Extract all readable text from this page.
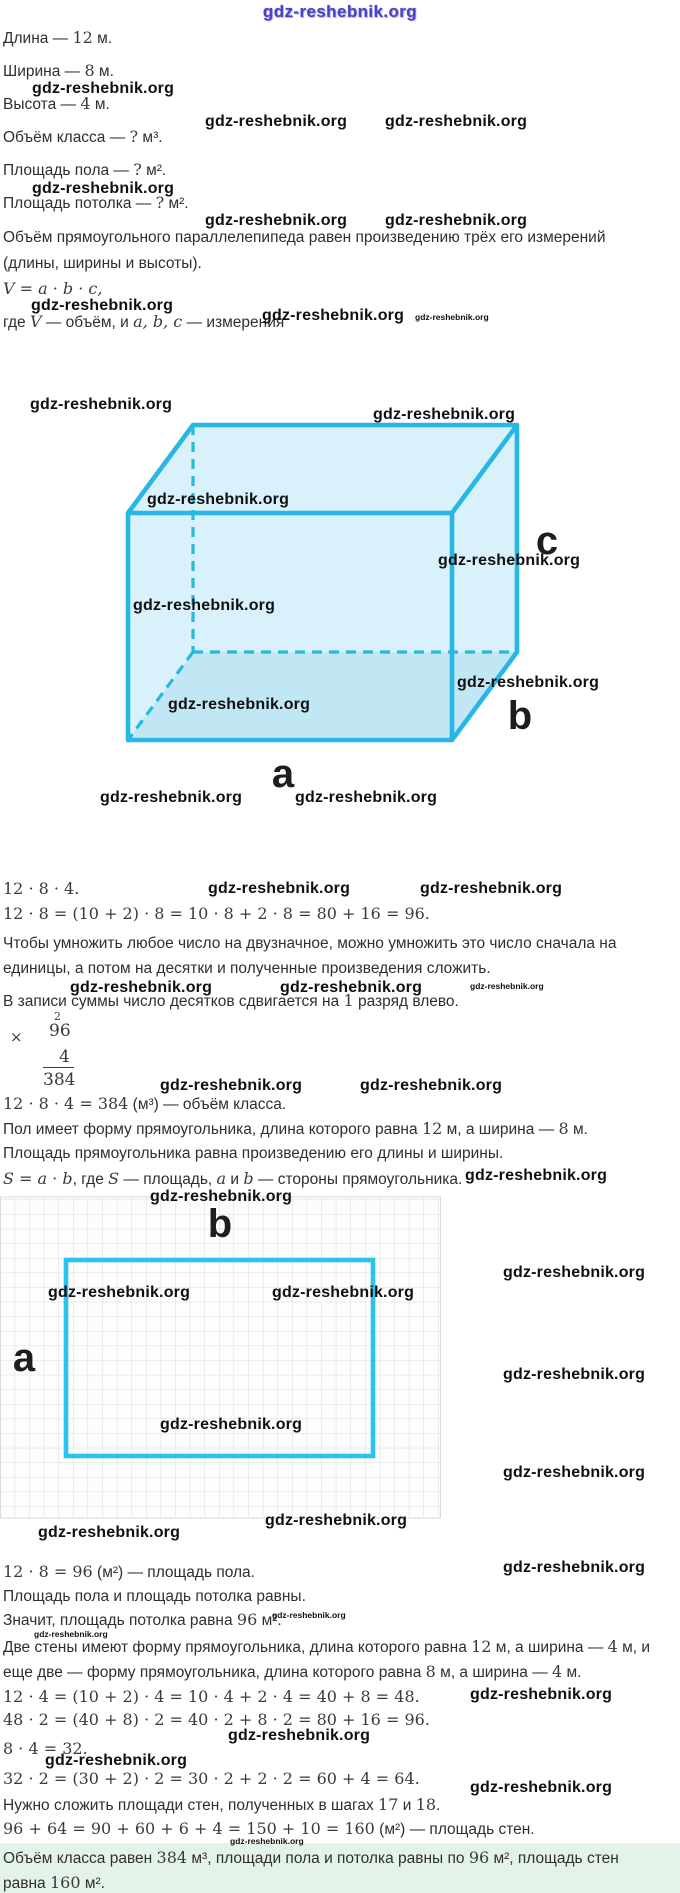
gdz-reshebnik.org
a
b
c
b
a
×
2
96
4
384
Длина — 12 м.
Ширина — 8 м.
Высота — 4 м.
Объём класса — ? м³.
Площадь пола — ? м².
Площадь потолка — ? м².
Объём прямоугольного параллелепипеда равен произведению трёх его измерений
(длины, ширины и высоты).
V = a · b · c,
где V — объём, и a, b, c — измерения
12 · 8 · 4.
12 · 8 = (10 + 2) · 8 = 10 · 8 + 2 · 8 = 80 + 16 = 96.
Чтобы умножить любое число на двузначное, можно умножить это число сначала на
единицы, а потом на десятки и полученные произведения сложить.
В записи суммы число десятков сдвигается на 1 разряд влево.
12 · 8 · 4 = 384 (м³) — объём класса.
Пол имеет форму прямоугольника, длина которого равна 12 м, а ширина — 8 м.
Площадь прямоугольника равна произведению его длины и ширины.
S = a · b, где S — площадь, a и b — стороны прямоугольника.
12 · 8 = 96 (м²) — площадь пола.
Площадь пола и площадь потолка равны.
Значит, площадь потолка равна 96 м².
Две стены имеют форму прямоугольника, длина которого равна 12 м, а ширина — 4 м, и
еще две — форму прямоугольника, длина которого равна 8 м, а ширина — 4 м.
12 · 4 = (10 + 2) · 4 = 10 · 4 + 2 · 4 = 40 + 8 = 48.
48 · 2 = (40 + 8) · 2 = 40 · 2 + 8 · 2 = 80 + 16 = 96.
8 · 4 = 32.
32 · 2 = (30 + 2) · 2 = 30 · 2 + 2 · 2 = 60 + 4 = 64.
Нужно сложить площади стен, полученных в шагах 17 и 18.
96 + 64 = 90 + 60 + 6 + 4 = 150 + 10 = 160 (м²) — площадь стен.
Объём класса равен 384 м³, площади пола и потолка равны по 96 м², площадь стен
равна 160 м².
gdz-reshebnik.org
gdz-reshebnik.org gdz-reshebnik.org
gdz-reshebnik.org
gdz-reshebnik.org gdz-reshebnik.org
gdz-reshebnik.org
gdz-reshebnik.org gdz-reshebnik.org
gdz-reshebnik.org
gdz-reshebnik.org
gdz-reshebnik.org
gdz-reshebnik.org
gdz-reshebnik.org
gdz-reshebnik.org
gdz-reshebnik.org
gdz-reshebnik.org	gdz-reshebnik.org
gdz-reshebnik.org	gdz-reshebnik.org
gdz-reshebnik.org	gdz-reshebnik.org	gdz-reshebnik.org
gdz-reshebnik.org	gdz-reshebnik.org
gdz-reshebnik.org
gdz-reshebnik.org
gdz-reshebnik.org	gdz-reshebnik.org
gdz-reshebnik.org
gdz-reshebnik.org
gdz-reshebnik.org
gdz-reshebnik.org
gdz-reshebnik.org
gdz-reshebnik.org
gdz-reshebnik.org
gdz-reshebnik.org
gdz-reshebnik.org
gdz-reshebnik.org
gdz-reshebnik.org
gdz-reshebnik.org
gdz-reshebnik.org
gdz-reshebnik.org
